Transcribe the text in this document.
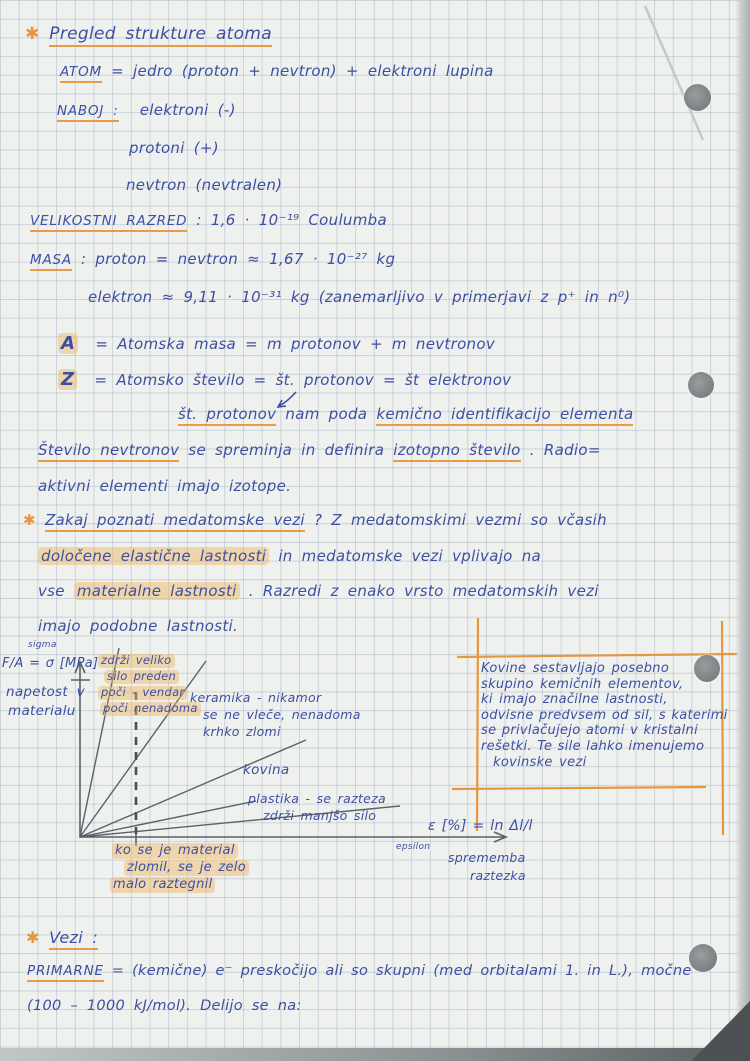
✱ Pregled strukture atoma
ATOM = jedro (proton + nevtron) + elektroni lupina
NABOJ : elektroni (-)
protoni (+)
nevtron (nevtralen)
VELIKOSTNI RAZRED : 1,6 · 10⁻¹⁹ Coulumba
MASA : proton = nevtron ≈ 1,67 · 10⁻²⁷ kg
elektron ≈ 9,11 · 10⁻³¹ kg (zanemarljivo v primerjavi z p⁺ in n⁰)
A = Atomska masa = m protonov + m nevtronov
Z = Atomsko število = št. protonov = št elektronov
št. protonov nam poda kemično identifikacijo elementa
Število nevtronov se spreminja in definira izotopno število . Radio=
aktivni elementi imajo izotope.
✱ Zakaj poznati medatomske vezi ? Z medatomskimi vezmi so včasih
določene elastične lastnosti in medatomske vezi vplivajo na
vse materialne lastnosti . Razredi z enako vrsto medatomskih vezi
imajo podobne lastnosti.
sigma
F/A = σ [MPa]
napetost v
materialu
zdrži veliko
silo preden
poči - vendar
poči nenadoma
keramika - nikamor
se ne vleče, nenadoma
krhko zlomi
kovina
plastika - se razteza
zdrži manjšo silo
ε [%] = ln Δl/l
epsilon
sprememba
raztezka
ko se je material
zlomil, se je zelo
malo raztegnil
Kovine sestavljajo posebno
skupino kemičnih elementov,
ki imajo značilne lastnosti,
odvisne predvsem od sil, s katerimi
se privlačujejo atomi v kristalni
rešetki. Te sile lahko imenujemo
kovinske vezi
✱ Vezi :
PRIMARNE = (kemične) e⁻ preskočijo ali so skupni (med orbitalami 1. in L.), močne
(100 – 1000 kJ/mol). Delijo se na:
